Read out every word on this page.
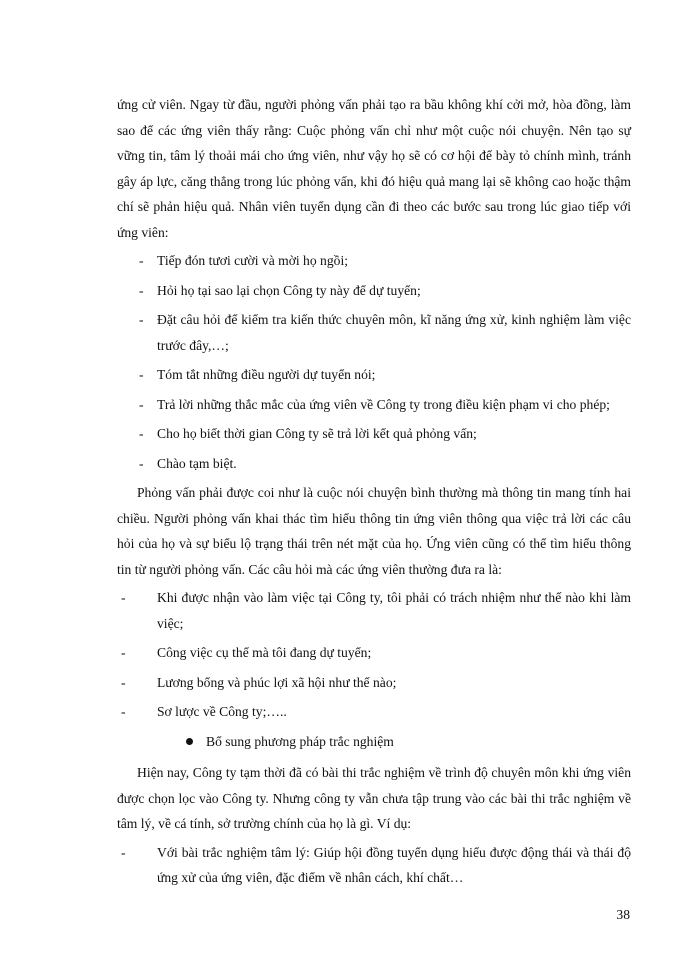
ứng cử viên. Ngay từ đầu, người phỏng vấn phải tạo ra bầu không khí cởi mở, hòa đồng, làm sao để các ứng viên thấy rằng: Cuộc phỏng vấn chỉ như một cuộc nói chuyện. Nên tạo sự vững tin, tâm lý thoải mái cho ứng viên, như vậy họ sẽ có cơ hội để bày tỏ chính mình, tránh gây áp lực, căng thẳng trong lúc phỏng vấn, khi đó hiệu quả mang lại sẽ không cao hoặc thậm chí sẽ phản hiệu quả. Nhân viên tuyển dụng cần đi theo các bước sau trong lúc giao tiếp với ứng viên:

- Tiếp đón tươi cười và mời họ ngồi;
- Hỏi họ tại sao lại chọn Công ty này để dự tuyển;
- Đặt câu hỏi để kiểm tra kiến thức chuyên môn, kĩ năng ứng xử, kinh nghiệm làm việc trước đây,…;
- Tóm tắt những điều người dự tuyển nói;
- Trả lời những thắc mắc của ứng viên về Công ty trong điều kiện phạm vi cho phép;
- Cho họ biết thời gian Công ty sẽ trả lời kết quả phỏng vấn;
- Chào tạm biệt.

Phỏng vấn phải được coi như là cuộc nói chuyện bình thường mà thông tin mang tính hai chiều. Người phỏng vấn khai thác tìm hiểu thông tin ứng viên thông qua việc trả lời các câu hỏi của họ và sự biểu lộ trạng thái trên nét mặt của họ. Ứng viên cũng có thể tìm hiểu thông tin từ người phỏng vấn. Các câu hỏi mà các ứng viên thường đưa ra là:

- Khi được nhận vào làm việc tại Công ty, tôi phải có trách nhiệm như thế nào khi làm việc;
- Công việc cụ thể mà tôi đang dự tuyển;
- Lương bổng và phúc lợi xã hội như thế nào;
- Sơ lược về Công ty;…..
Bổ sung phương pháp trắc nghiệm

Hiện nay, Công ty tạm thời đã có bài thi trắc nghiệm về trình độ chuyên môn khi ứng viên được chọn lọc vào Công ty. Nhưng công ty vẫn chưa tập trung vào các bài thi trắc nghiệm về tâm lý, về cá tính, sở trường chính của họ là gì. Ví dụ:

- Với bài trắc nghiệm tâm lý: Giúp hội đồng tuyển dụng hiểu được động thái và thái độ ứng xử của ứng viên, đặc điểm về nhân cách, khí chất…
38
